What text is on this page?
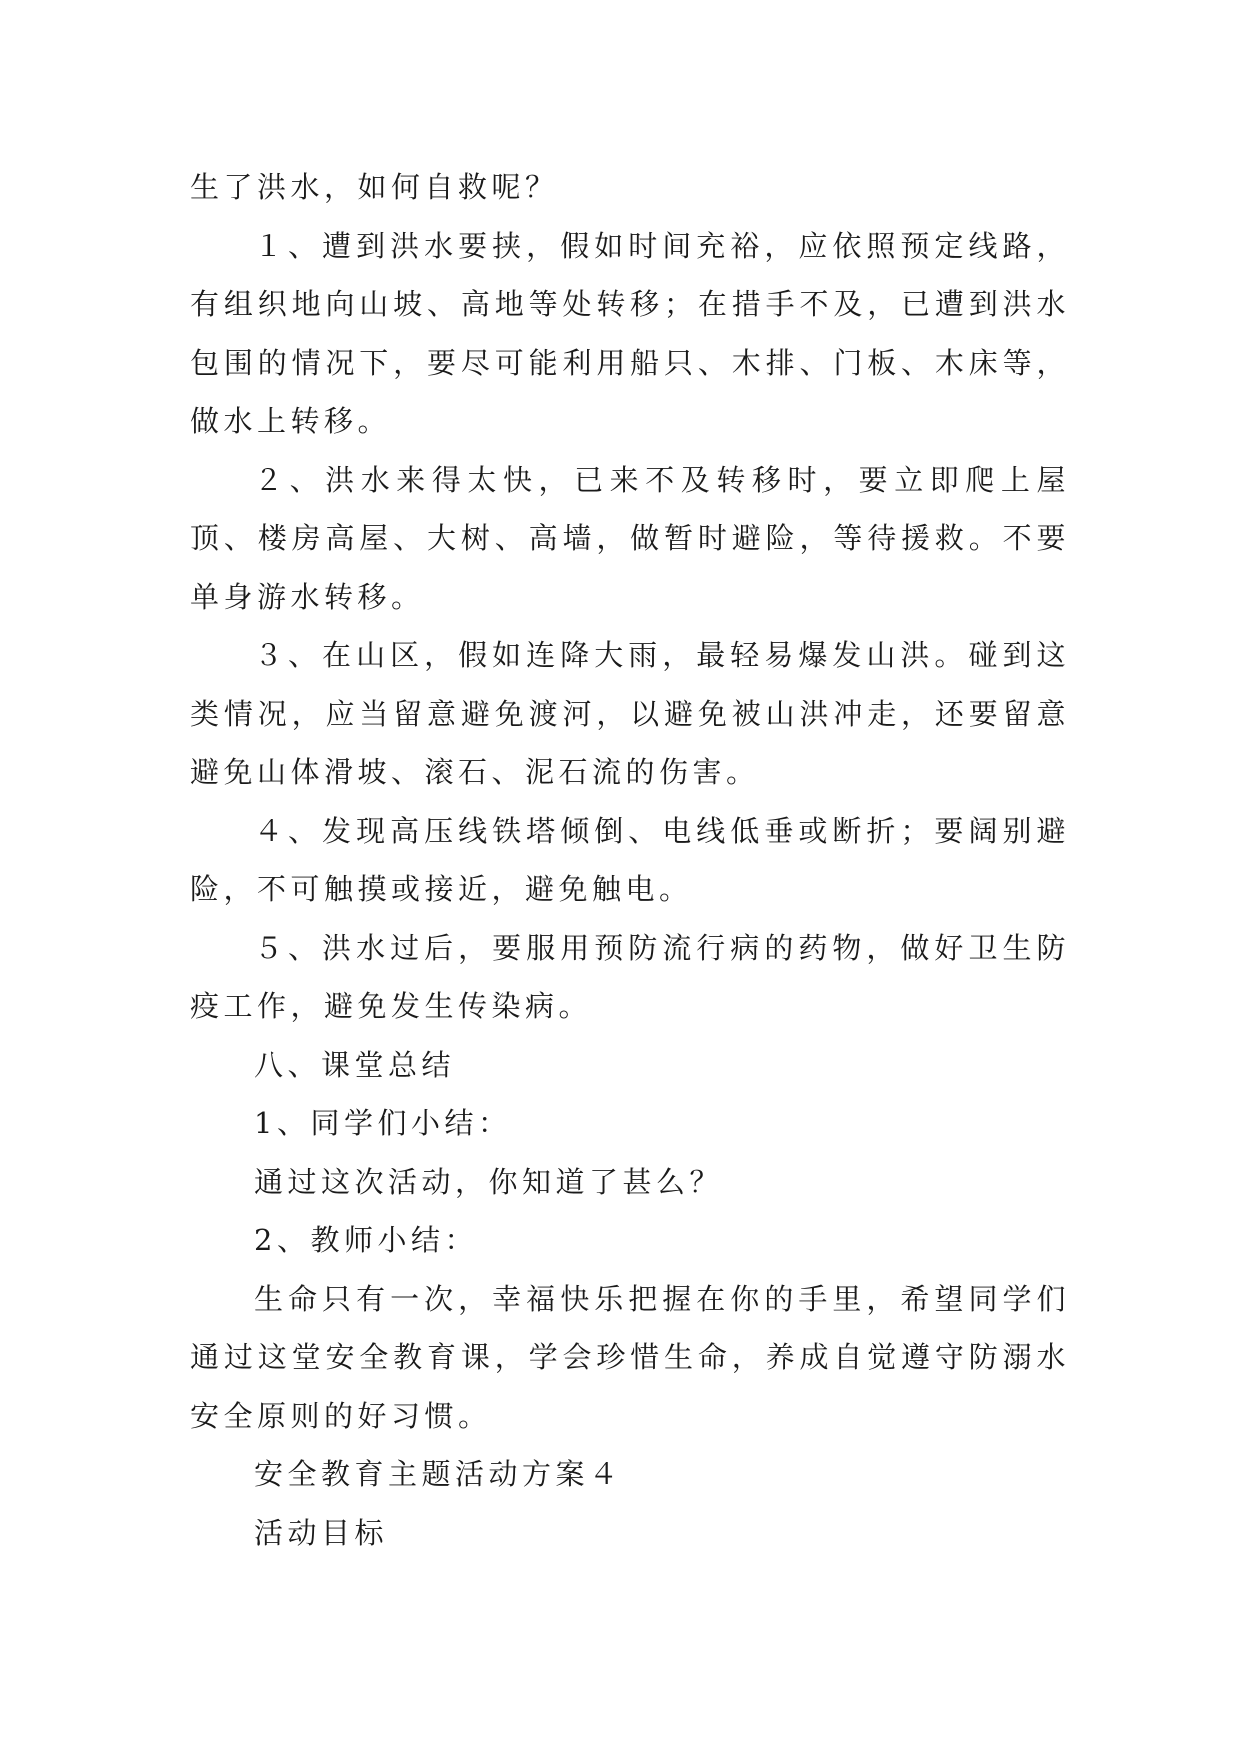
生了洪水，如何自救呢？

１、遭到洪水要挟，假如时间充裕，应依照预定线路，有组织地向山坡、高地等处转移；在措手不及，已遭到洪水包围的情况下，要尽可能利用船只、木排、门板、木床等，做水上转移。

２、洪水来得太快，已来不及转移时，要立即爬上屋顶、楼房高屋、大树、高墙，做暂时避险，等待援救。不要单身游水转移。

３、在山区，假如连降大雨，最轻易爆发山洪。碰到这类情况，应当留意避免渡河，以避免被山洪冲走，还要留意避免山体滑坡、滚石、泥石流的伤害。

４、发现高压线铁塔倾倒、电线低垂或断折；要阔别避险，不可触摸或接近，避免触电。

５、洪水过后，要服用预防流行病的药物，做好卫生防疫工作，避免发生传染病。

八、课堂总结

1、同学们小结：

通过这次活动，你知道了甚么？

2、教师小结：

生命只有一次，幸福快乐把握在你的手里，希望同学们通过这堂安全教育课，学会珍惜生命，养成自觉遵守防溺水安全原则的好习惯。

安全教育主题活动方案４

活动目标
